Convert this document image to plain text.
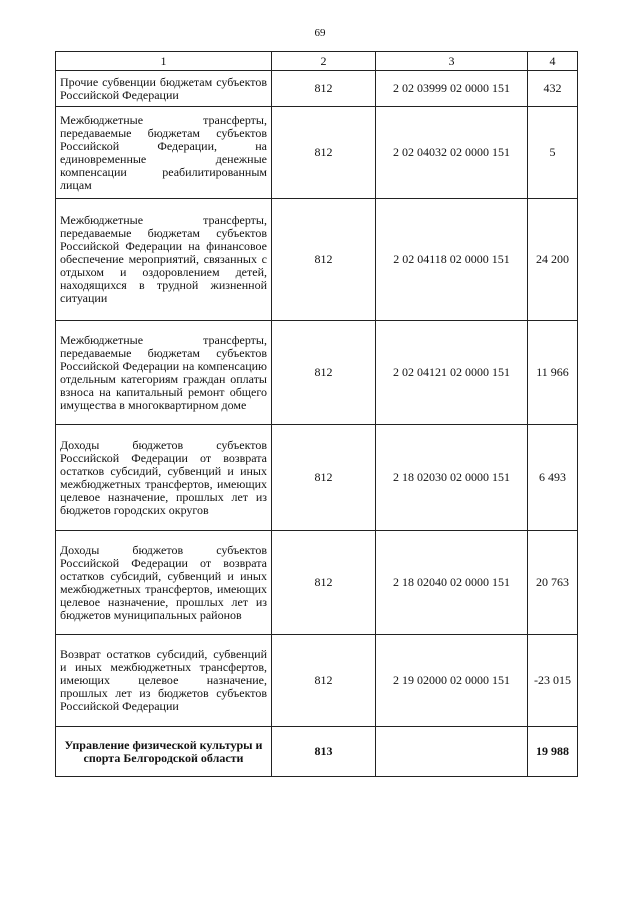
69
1	2	3	4
Прочие субвенции бюджетам субъектов Российской Федерации	812	2 02 03999 02 0000 151	432
Межбюджетные трансферты, передаваемые бюджетам субъектов Российской Федерации, на единовременные денежные компенсации реабилитированным лицам	812	2 02 04032 02 0000 151	5
Межбюджетные трансферты, передаваемые бюджетам субъектов Российской Федерации на финансовое обеспечение мероприятий, связанных с отдыхом и оздоровлением детей, находящихся в трудной жизненной ситуации	812	2 02 04118 02 0000 151	24 200
Межбюджетные трансферты, передаваемые бюджетам субъектов Российской Федерации на компенсацию отдельным категориям граждан оплаты взноса на капитальный ремонт общего имущества в многоквартирном доме	812	2 02 04121 02 0000 151	11 966
Доходы бюджетов субъектов Российской Федерации от возврата остатков субсидий, субвенций и иных межбюджетных трансфертов, имеющих целевое назначение, прошлых лет из бюджетов городских округов	812	2 18 02030 02 0000 151	6 493
Доходы бюджетов субъектов Российской Федерации от возврата остатков субсидий, субвенций и иных межбюджетных трансфертов, имеющих целевое назначение, прошлых лет из бюджетов муниципальных районов	812	2 18 02040 02 0000 151	20 763
Возврат остатков субсидий, субвенций и иных межбюджетных трансфертов, имеющих целевое назначение, прошлых лет из бюджетов субъектов Российской Федерации	812	2 19 02000 02 0000 151	-23 015
Управление физической культуры и спорта Белгородской области	813		19 988
